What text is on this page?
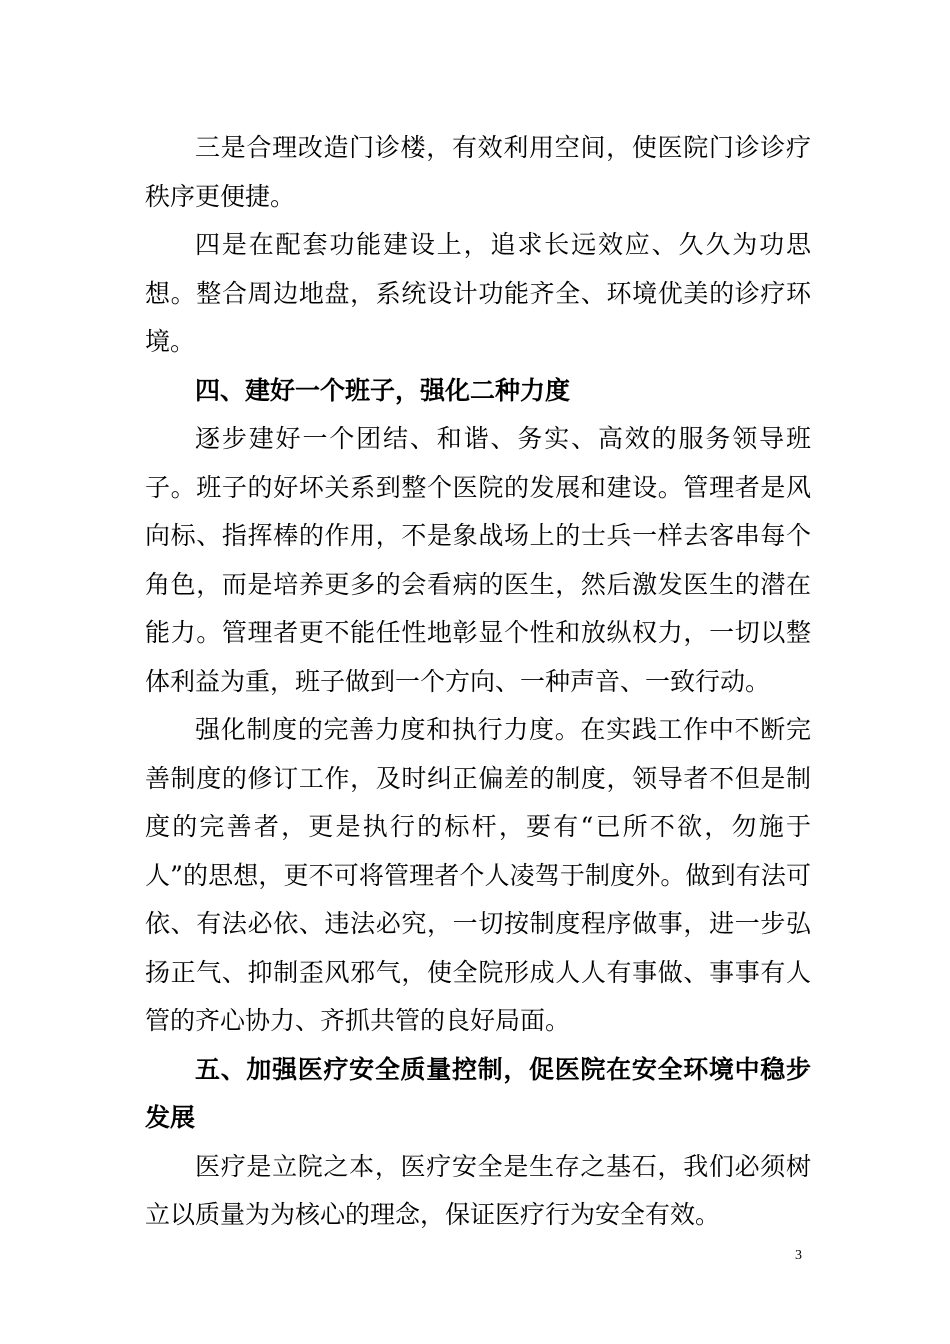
三是合理改造门诊楼，有效利用空间，使医院门诊诊疗秩序更便捷。

四是在配套功能建设上，追求长远效应、久久为功思想。整合周边地盘，系统设计功能齐全、环境优美的诊疗环境。

四、建好一个班子，强化二种力度

逐步建好一个团结、和谐、务实、高效的服务领导班子。班子的好坏关系到整个医院的发展和建设。管理者是风向标、指挥棒的作用，不是象战场上的士兵一样去客串每个角色，而是培养更多的会看病的医生，然后激发医生的潜在能力。管理者更不能任性地彰显个性和放纵权力，一切以整体利益为重，班子做到一个方向、一种声音、一致行动。

强化制度的完善力度和执行力度。在实践工作中不断完善制度的修订工作，及时纠正偏差的制度，领导者不但是制度的完善者，更是执行的标杆，要有“已所不欲，勿施于人”的思想，更不可将管理者个人凌驾于制度外。做到有法可依、有法必依、违法必究，一切按制度程序做事，进一步弘扬正气、抑制歪风邪气，使全院形成人人有事做、事事有人管的齐心协力、齐抓共管的良好局面。

五、加强医疗安全质量控制，促医院在安全环境中稳步发展

医疗是立院之本，医疗安全是生存之基石，我们必须树立以质量为为核心的理念，保证医疗行为安全有效。

3
